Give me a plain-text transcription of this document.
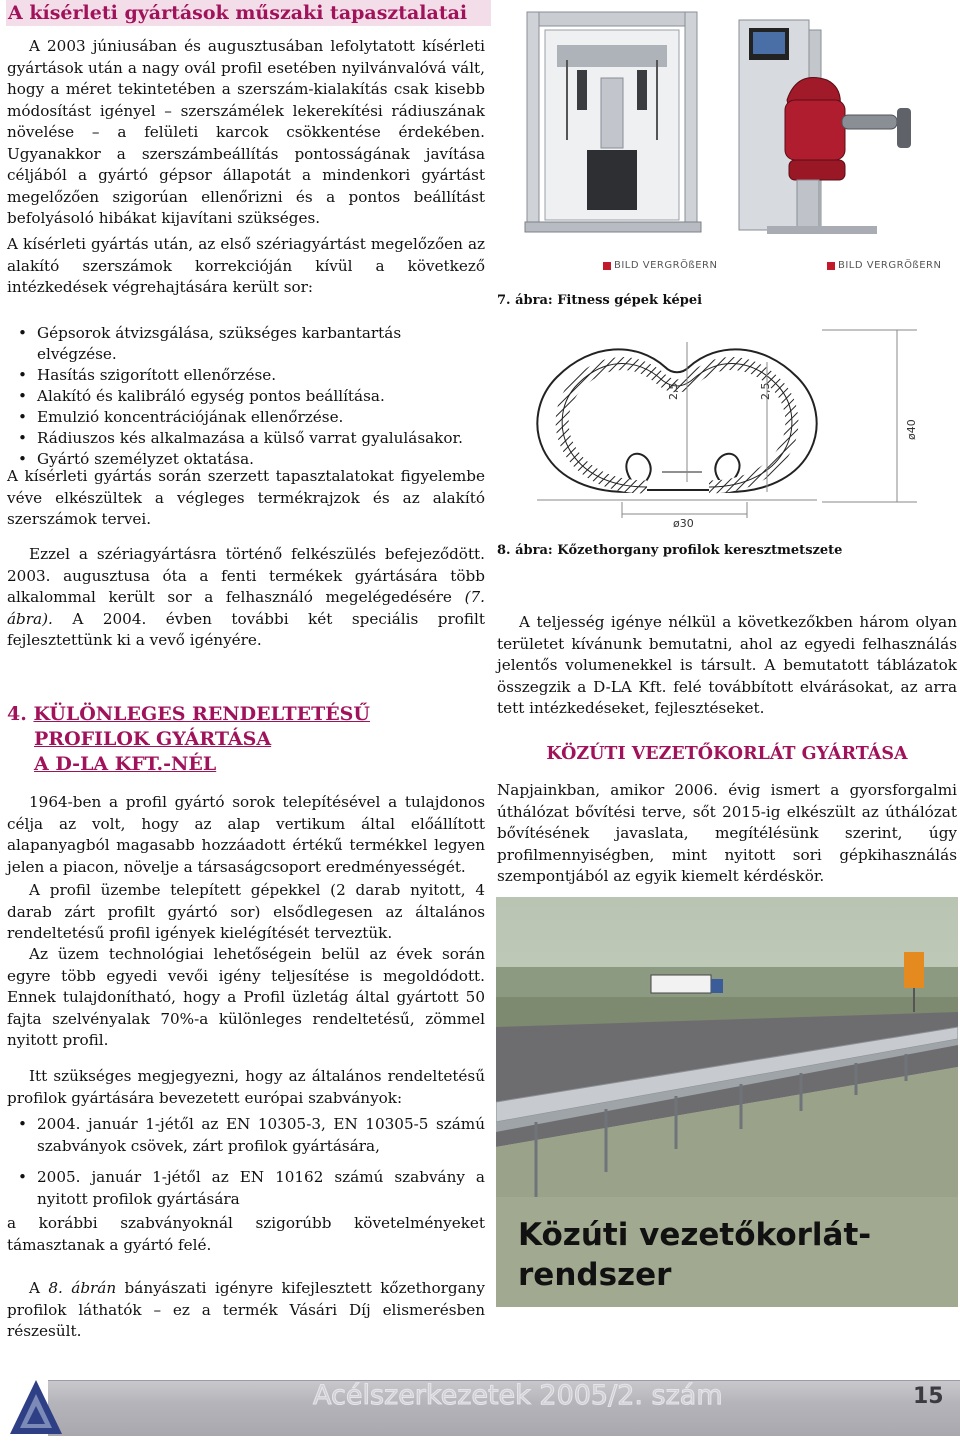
A kísérleti gyártások műszaki tapasztalatai
A 2003 júniusában és augusztusában lefolytatott kísérleti gyártások után a nagy ovál profil esetében nyilvánvalóvá vált, hogy a méret tekintetében a szerszám-kialakítás csak kisebb módosítást igényel – szerszámélek lekerekítési rádiuszának növelése – a felületi karcok csökkentése érdekében. Ugyanakkor a szerszámbeállítás pontosságának javítása céljából a gyártó gépsor állapotát a mindenkori gyártást megelőzően szigorúan ellenőrizni és a pontos beállítást befolyásoló hibákat kijavítani szükséges.
A kísérleti gyártás után, az első szériagyártást megelőzően az alakító szerszámok korrekcióján kívül a következő intézkedések végrehajtására került sor:
• Gépsorok átvizsgálása, szükséges karbantartás elvégzése.
• Hasítás szigorított ellenőrzése.
• Alakító és kalibráló egység pontos beállítása.
• Emulzió koncentrációjának ellenőrzése.
• Rádiuszos kés alkalmazása a külső varrat gyalulásakor.
• Gyártó személyzet oktatása.
A kísérleti gyártás során szerzett tapasztalatokat figyelembe véve elkészültek a végleges termékrajzok és az alakító szerszámok tervei.
Ezzel a szériagyártásra történő felkészülés befejeződött. 2003. augusztusa óta a fenti termékek gyártására több alkalommal került sor a felhasználó megelégedésére (7. ábra). A 2004. évben további két speciális profilt fejlesztettünk ki a vevő igényére.
4. KÜLÖNLEGES RENDELTETÉSŰ
PROFILOK GYÁRTÁSA
A D-LA KFT.-NÉL
1964-ben a profil gyártó sorok telepítésével a tulajdonos célja az volt, hogy az alap vertikum által előállított alapanyagból magasabb hozzáadott értékű termékkel legyen jelen a piacon, növelje a társaságcsoport eredményességét.
A profil üzembe telepített gépekkel (2 darab nyitott, 4 darab zárt profilt gyártó sor) elsődlegesen az általános rendeltetésű profil igények kielégítését terveztük.
Az üzem technológiai lehetőségein belül az évek során egyre több egyedi vevői igény teljesítése is megoldódott. Ennek tulajdonítható, hogy a Profil üzletág által gyártott 50 fajta szelvényalak 70%-a különleges rendeltetésű, zömmel nyitott profil.
Itt szükséges megjegyezni, hogy az általános rendeltetésű profilok gyártására bevezetett európai szabványok:
• 2004. január 1-jétől az EN 10305-3, EN 10305-5 számú szabványok csövek, zárt profilok gyártására,
• 2005. január 1-jétől az EN 10162 számú szabvány a nyitott profilok gyártására
a korábbi szabványoknál szigorúbb követelményeket támasztanak a gyártó felé.
A 8. ábrán bányászati igényre kifejlesztett kőzethorgany profilok láthatók – ez a termék Vásári Díj elismerésben részesült.
BILD VERGRÖßERN	BILD VERGRÖßERN
7. ábra: Fitness gépek képei
2,5	2,5
ø40
ø30
8. ábra: Kőzethorgany profilok keresztmetszete
A teljesség igénye nélkül a következőkben három olyan területet kívánunk bemutatni, ahol az egyedi felhasználás jelentős volumenekkel is társult. A bemutatott táblázatok összegzik a D-LA Kft. felé továbbított elvárásokat, az arra tett intézkedéseket, fejlesztéseket.
KÖZÚTI VEZETŐKORLÁT GYÁRTÁSA
Napjainkban, amikor 2006. évig ismert a gyorsforgalmi úthálózat bővítési terve, sőt 2015-ig elkészült az úthálózat bővítésének javaslata, megítélésünk szerint, úgy profilmennyiségben, mint nyitott sori gépkihasználás szempontjából az egyik kiemelt kérdéskör.
Közúti vezetőkorlát-
rendszer
Acélszerkezetek 2005/2. szám	15
